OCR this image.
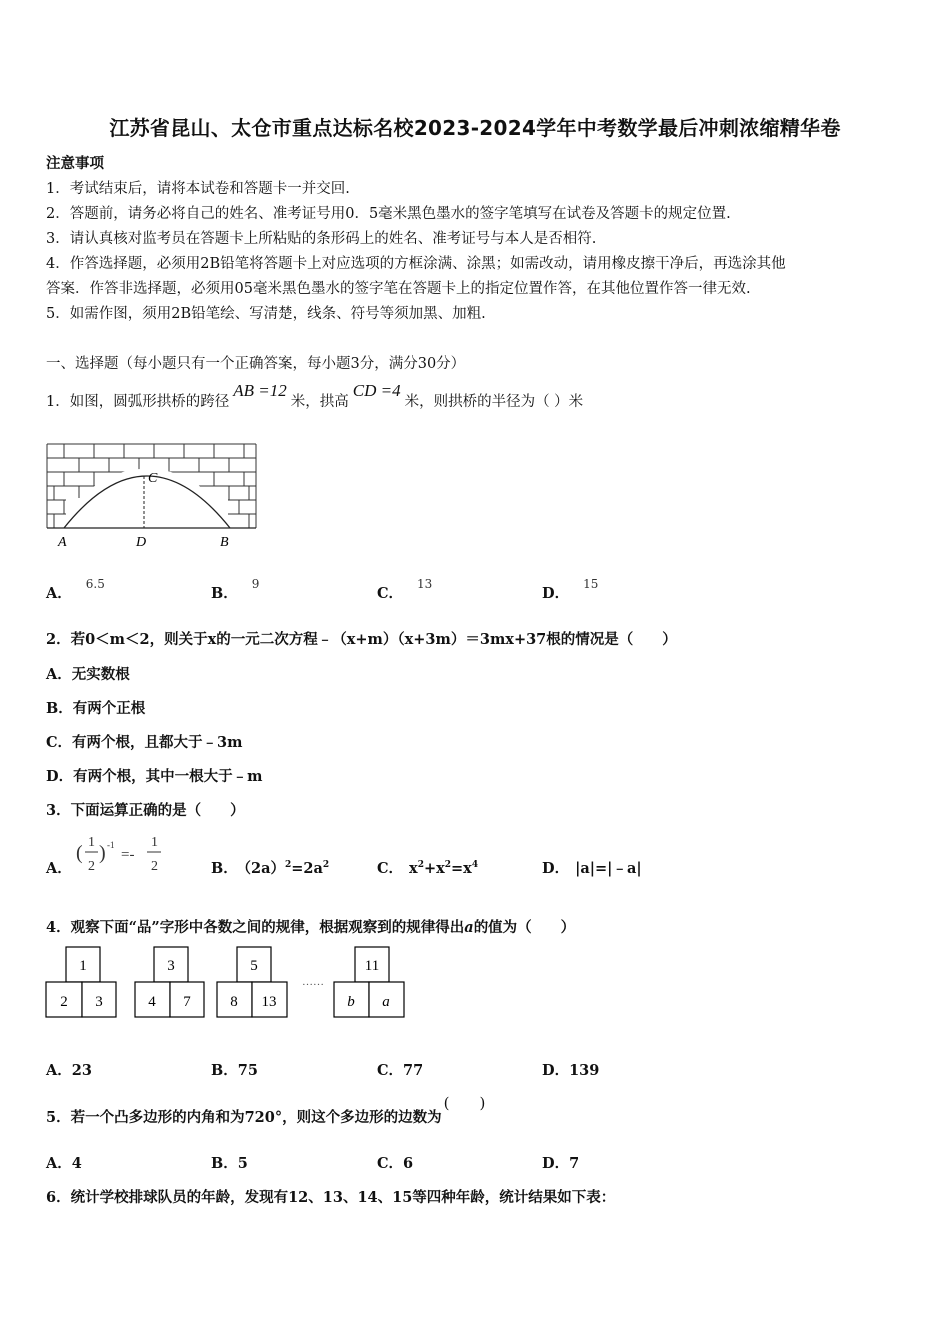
江苏省昆山、太仓市重点达标名校2023-2024学年中考数学最后冲刺浓缩精华卷
注意事项
1．考试结束后，请将本试卷和答题卡一并交回.
2．答题前，请务必将自己的姓名、准考证号用0．5毫米黑色墨水的签字笔填写在试卷及答题卡的规定位置.
3．请认真核对监考员在答题卡上所粘贴的条形码上的姓名、准考证号与本人是否相符.
4．作答选择题，必须用2B铅笔将答题卡上对应选项的方框涂满、涂黑；如需改动，请用橡皮擦干净后，再选涂其他
答案．作答非选择题，必须用05毫米黑色墨水的签字笔在答题卡上的指定位置作答，在其他位置作答一律无效.
5．如需作图，须用2B铅笔绘、写清楚，线条、符号等须加黑、加粗.
一、选择题（每小题只有一个正确答案，每小题3分，满分30分）
1．如图，圆弧形拱桥的跨径AB =12米，拱高CD =4米，则拱桥的半径为（ ）米
A	D	B
C
A．$^{6.5}$
B．$^9$
C．$^{13}$
D．$^{15}$
2．若0＜m＜2，则关于x的一元二次方程﹣（x+m）（x+3m）＝3mx+37根的情况是（　　）
A．无实数根
B．有两个正根
C．有两个根，且都大于﹣3m
D．有两个根，其中一根大于﹣m
3．下面运算正确的是（　　）
A．
( 1
2
) -1
=-
1
2	B． $(2a)^2=2a^2$	C． $x^2+x^2=x^4$	D． |a|=|﹣a|
4．观察下面“品”字形中各数之间的规律，根据观察到的规律得出a的值为（　　）
1
2 3
3
4 7
5
8 13
……
11
b a
A．23	B．75	C．77	D．139
5．若一个凸多边形的内角和为720°，则这个多边形的边数为(　　)
A．4	B．5	C．6	D．7
6．统计学校排球队员的年龄，发现有12、13、14、15等四种年龄，统计结果如下表：
